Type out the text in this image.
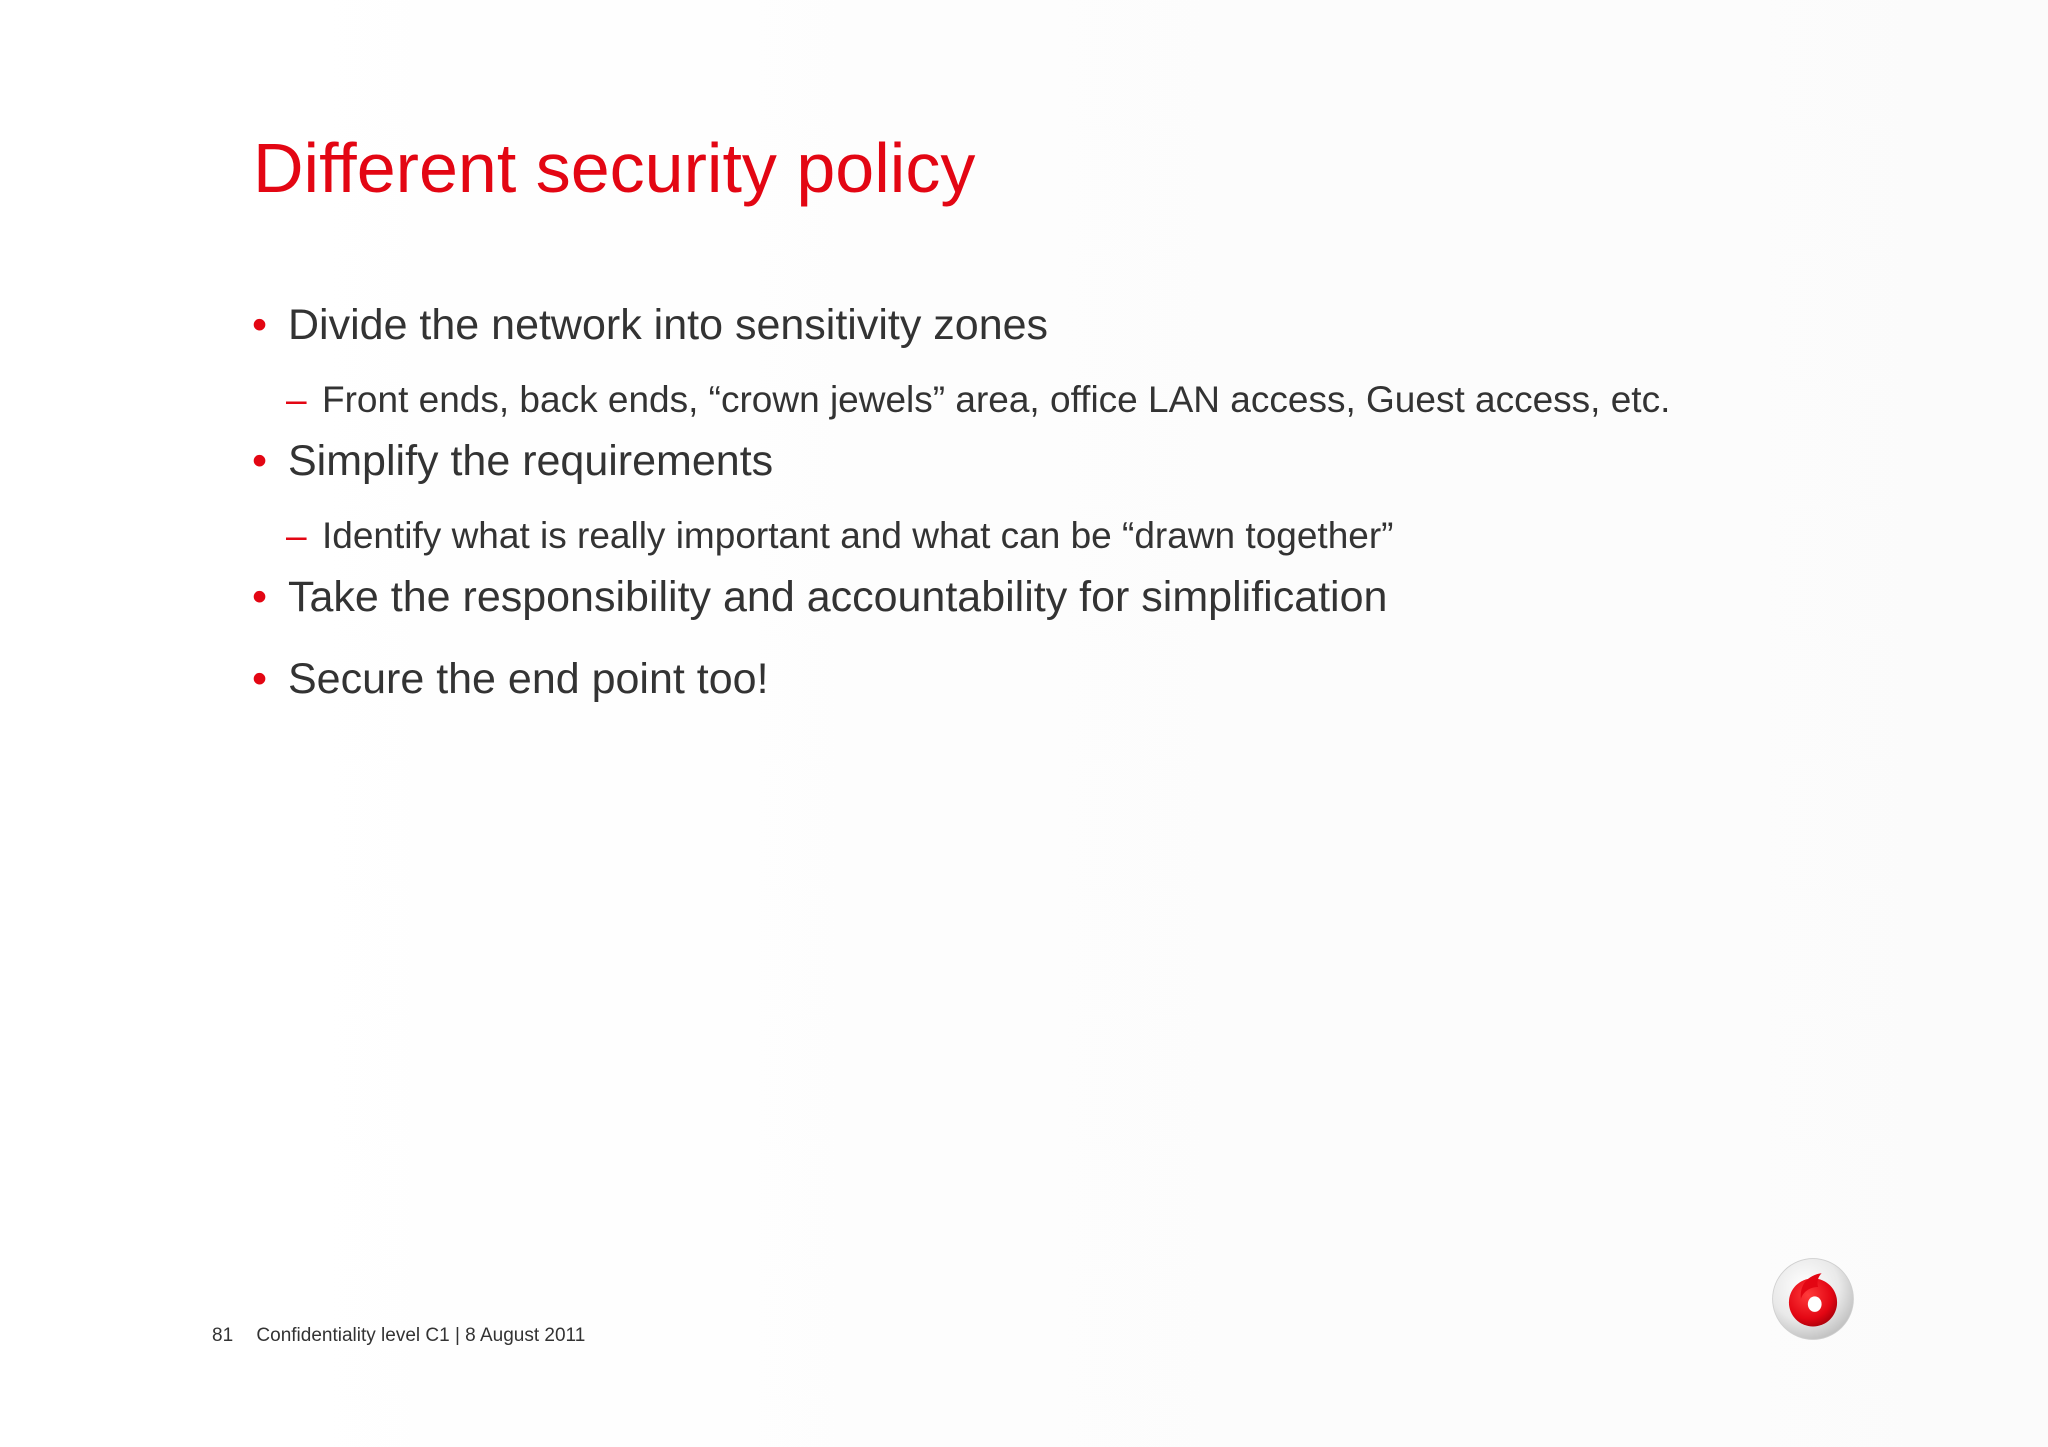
Different security policy
• Divide the network into sensitivity zones
– Front ends, back ends, “crown jewels” area, office LAN access, Guest access, etc.
• Simplify the requirements
– Identify what is really important and what can be “drawn together”
• Take the responsibility and accountability for simplification
• Secure the end point too!
81 Confidentiality level C1 | 8 August 2011
